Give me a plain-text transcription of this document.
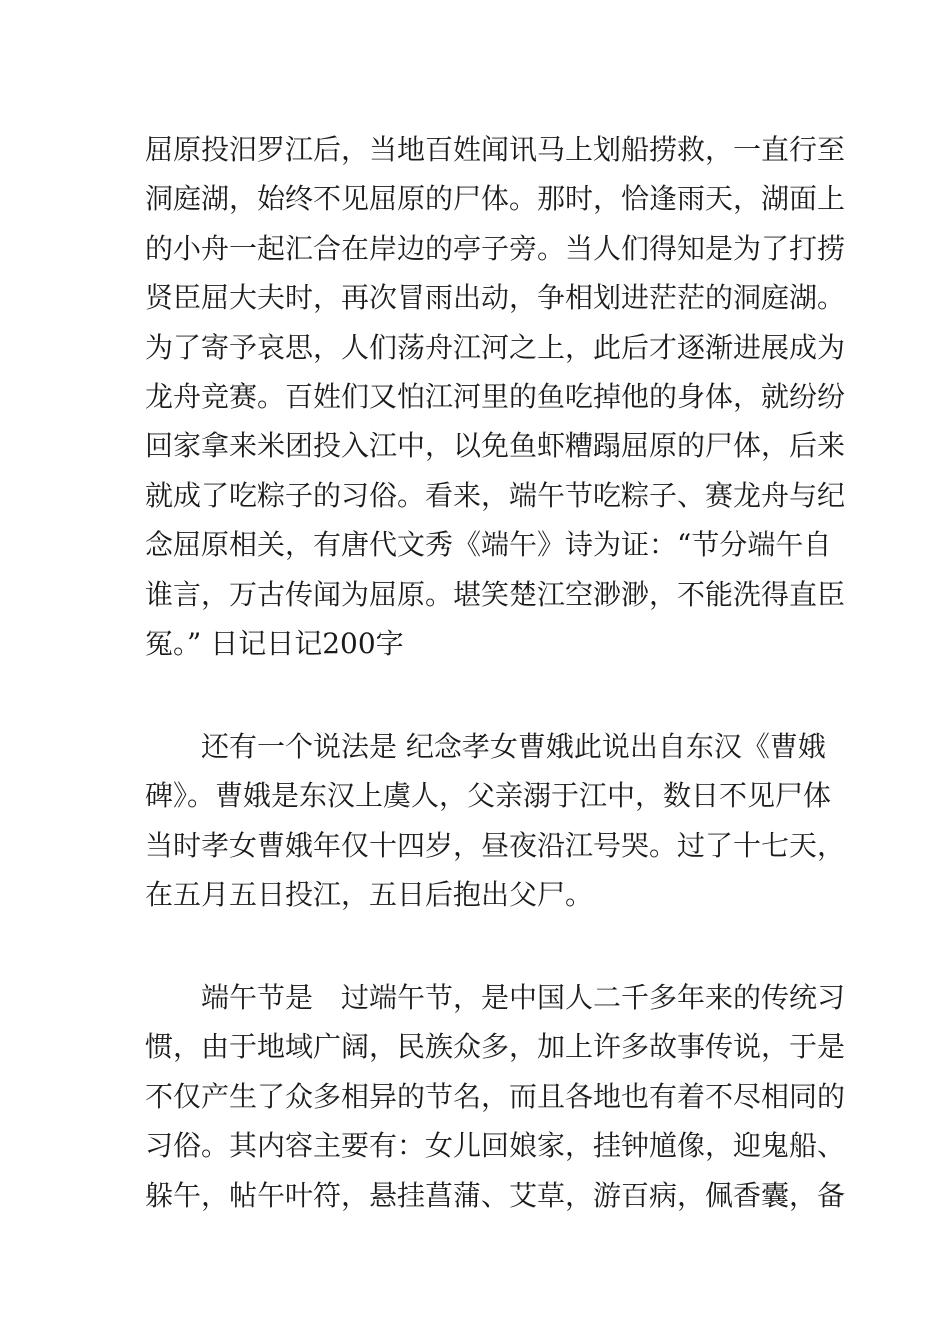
屈原投汨罗江后，当地百姓闻讯马上划船捞救，一直行至
洞庭湖，始终不见屈原的尸体。那时，恰逢雨天，湖面上
的小舟一起汇合在岸边的亭子旁。当人们得知是为了打捞
贤臣屈大夫时，再次冒雨出动，争相划进茫茫的洞庭湖。
为了寄予哀思，人们荡舟江河之上，此后才逐渐进展成为
龙舟竞赛。百姓们又怕江河里的鱼吃掉他的身体，就纷纷
回家拿来米团投入江中，以免鱼虾糟蹋屈原的尸体，后来
就成了吃粽子的习俗。看来，端午节吃粽子、赛龙舟与纪
念屈原相关，有唐代文秀《端午》诗为证：“节分端午自
谁言，万古传闻为屈原。堪笑楚江空渺渺，不能洗得直臣
冤。” 日记日记200字
还有一个说法是 纪念孝女曹娥此说出自东汉《曹娥
碑》。曹娥是东汉上虞人，父亲溺于江中，数日不见尸体
当时孝女曹娥年仅十四岁，昼夜沿江号哭。过了十七天，
在五月五日投江，五日后抱出父尸。
端午节是　过端午节，是中国人二千多年来的传统习
惯，由于地域广阔，民族众多，加上许多故事传说，于是
不仅产生了众多相异的节名，而且各地也有着不尽相同的
习俗。其内容主要有：女儿回娘家，挂钟馗像，迎鬼船、
躲午，帖午叶符，悬挂菖蒲、艾草，游百病，佩香囊，备
